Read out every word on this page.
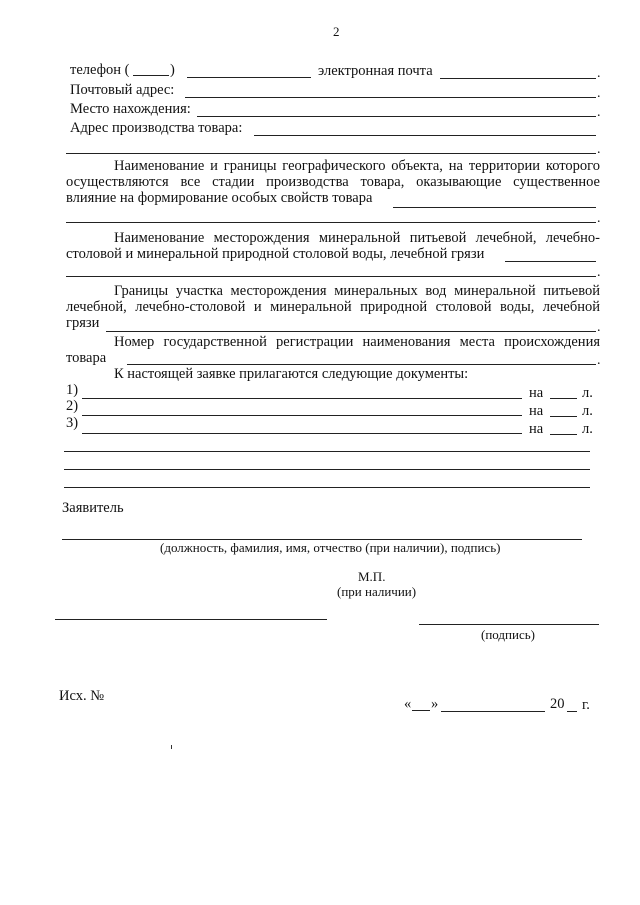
2
телефон (	)	электронная почта	.
Почтовый адрес:	.
Место нахождения:	.
Адрес производства товара:
.
Наименование и границы географического объекта, на территории которого осуществляются все стадии производства товара, оказывающие существенное влияние на формирование особых свойств товара
.
Наименование месторождения минеральной питьевой лечебной, лечебно-столовой и минеральной природной столовой воды, лечебной грязи
.
Границы участка месторождения минеральных вод минеральной питьевой лечебной, лечебно-столовой и минеральной природной столовой воды, лечебной грязи	.
Номер государственной регистрации наименования места происхождения товара	.
К настоящей заявке прилагаются следующие документы:
1)	на	л.
2)	на	л.
3)	на	л.
Заявитель
(должность, фамилия, имя, отчество (при наличии), подпись)
М.П.
(при наличии)
(подпись)
Исх. №	« »	20 г.
